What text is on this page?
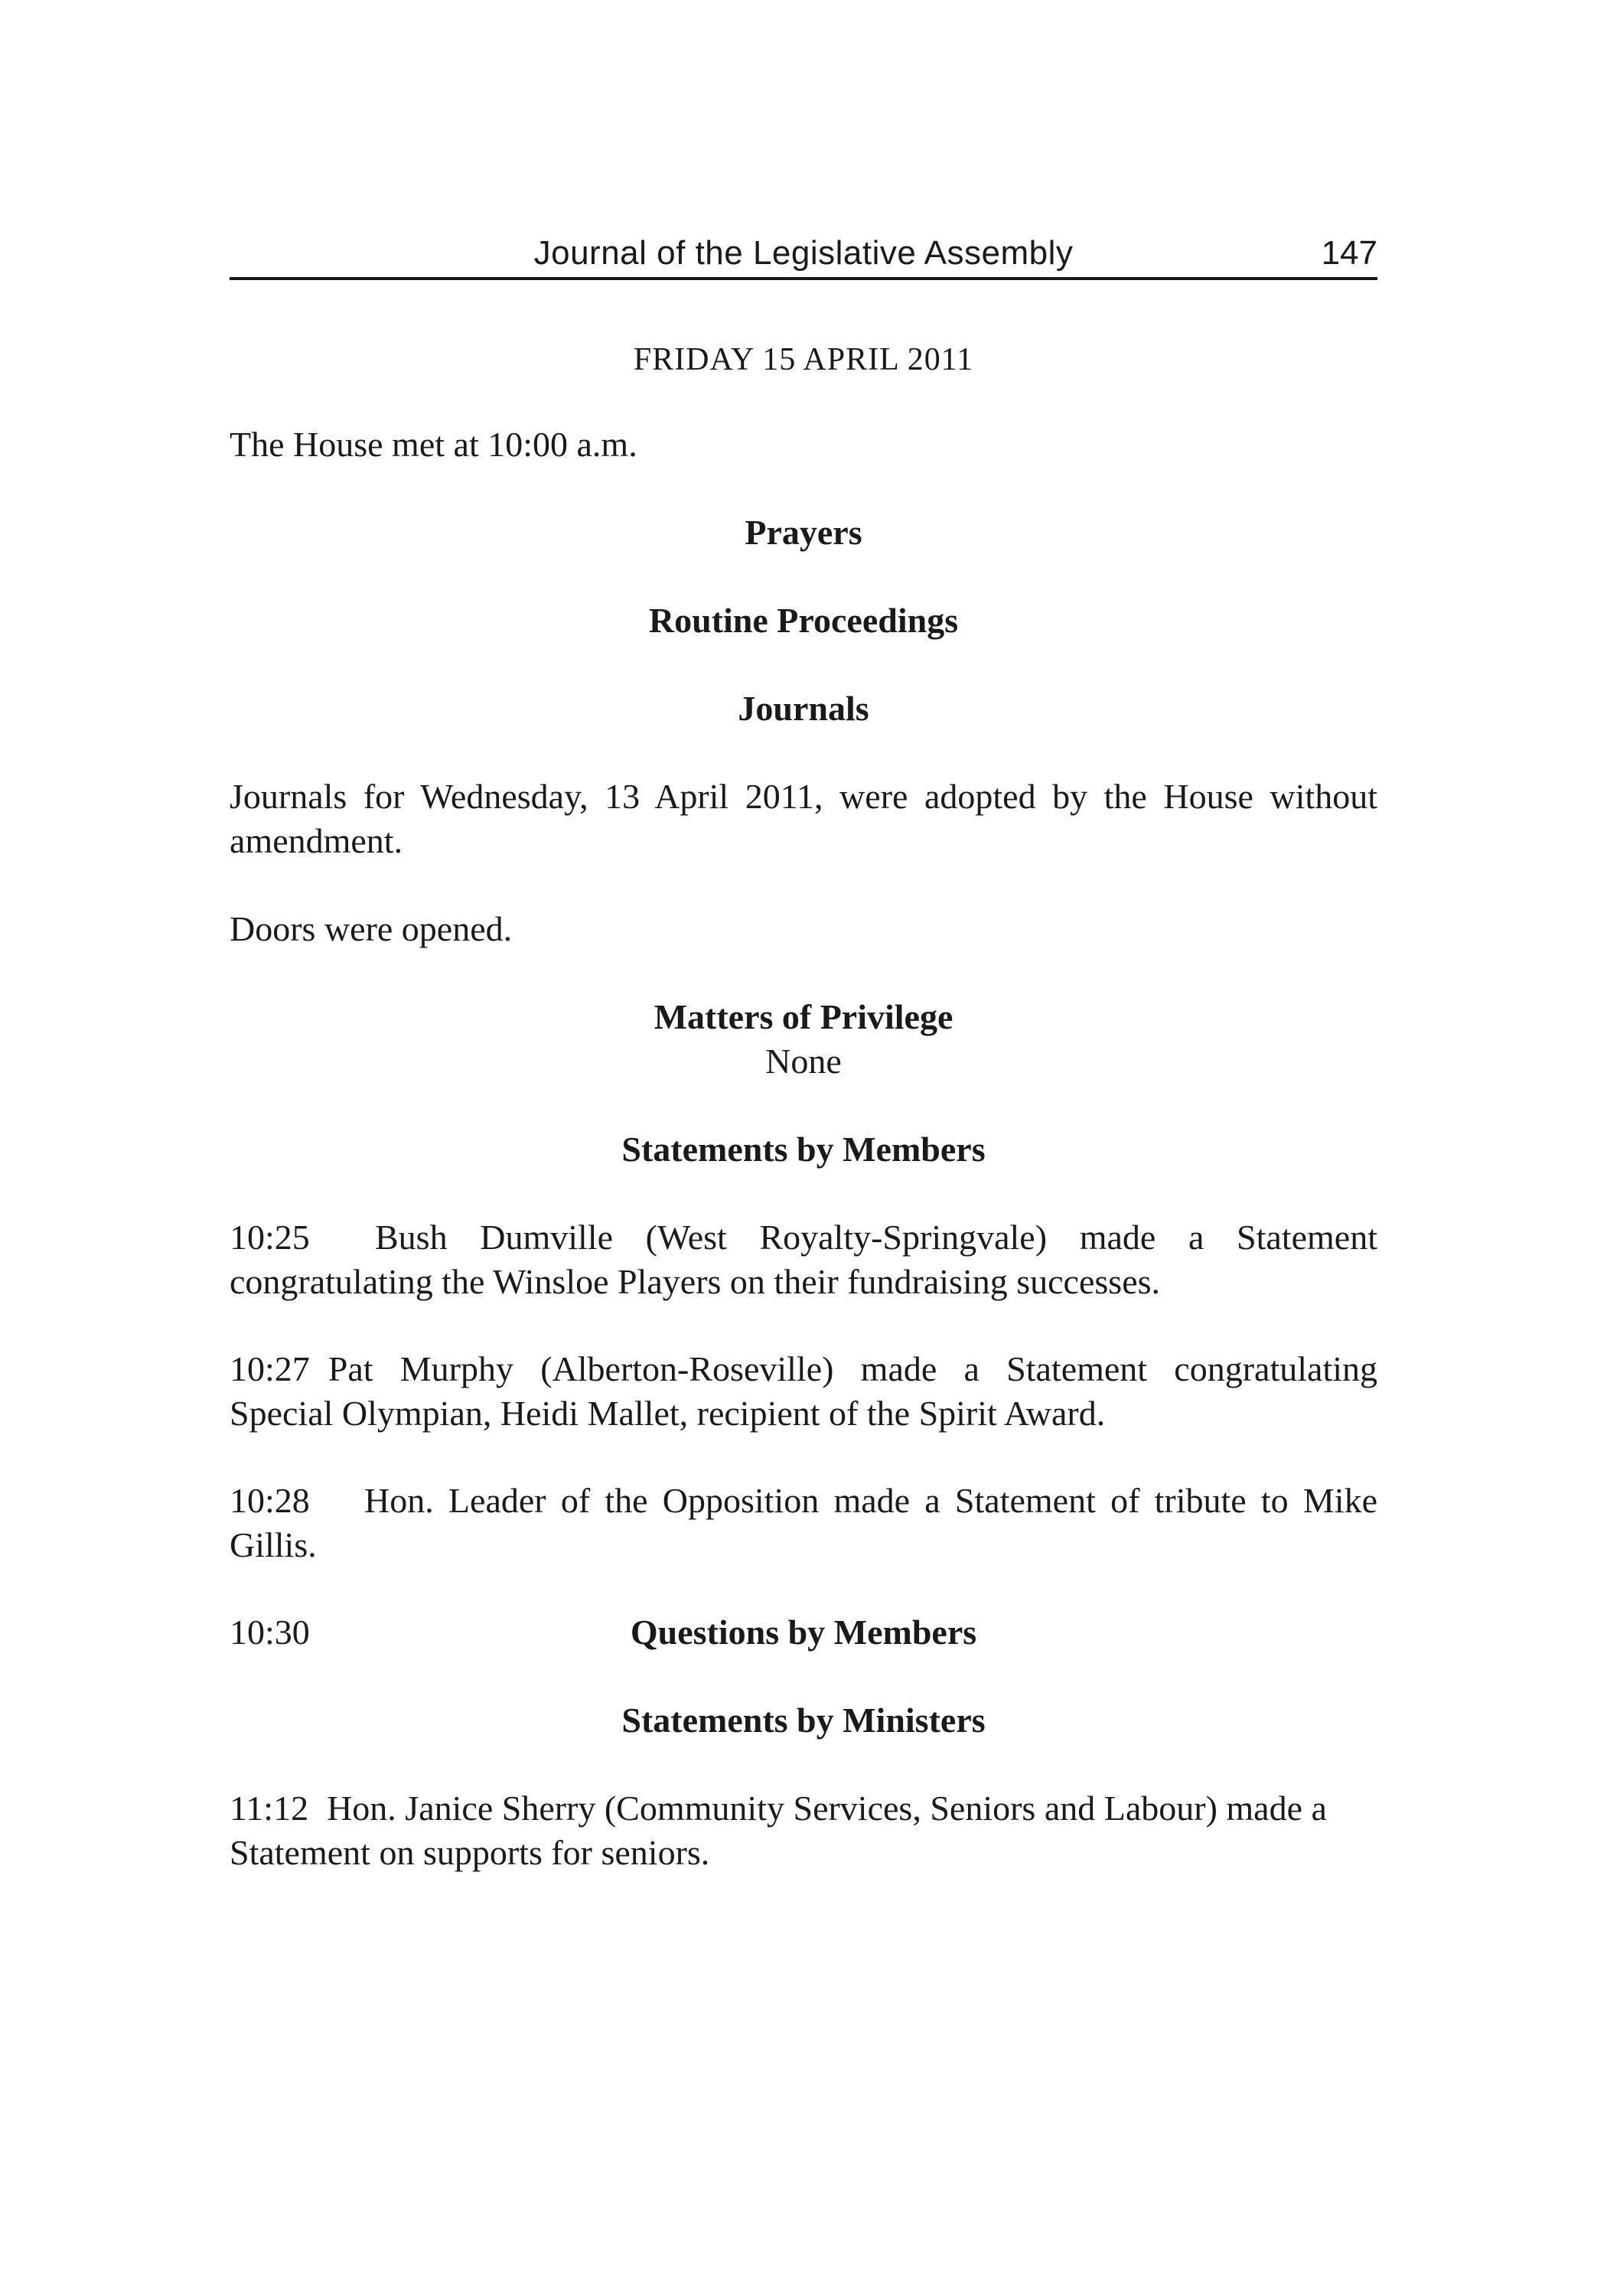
Journal of the Legislative Assembly	147
FRIDAY 15 APRIL 2011

The House met at 10:00 a.m.

Prayers

Routine Proceedings

Journals

Journals for Wednesday, 13 April 2011, were adopted by the House without amendment.

Doors were opened.

Matters of Privilege

None

Statements by Members

10:25 Bush Dumville (West Royalty-Springvale) made a Statement congratulating the Winsloe Players on their fundraising successes.

10:27 Pat Murphy (Alberton-Roseville) made a Statement congratulating Special Olympian, Heidi Mallet, recipient of the Spirit Award.

10:28 Hon. Leader of the Opposition made a Statement of tribute to Mike Gillis.

10:30	Questions by Members

Statements by Ministers

11:12 Hon. Janice Sherry (Community Services, Seniors and Labour) made a Statement on supports for seniors.
